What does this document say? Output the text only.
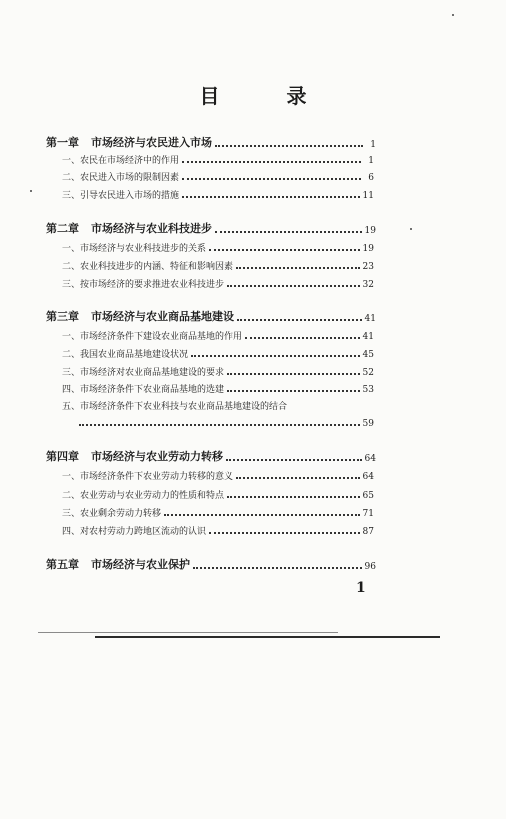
目 录
第一章 市场经济与农民进入市场	1
一、农民在市场经济中的作用	1
二、农民进入市场的限制因素	6
三、引导农民进入市场的措施	11
第二章 市场经济与农业科技进步	19
一、市场经济与农业科技进步的关系	19
二、农业科技进步的内涵、特征和影响因素	23
三、按市场经济的要求推进农业科技进步	32
第三章 市场经济与农业商品基地建设	41
一、市场经济条件下建设农业商品基地的作用	41
二、我国农业商品基地建设状况	45
三、市场经济对农业商品基地建设的要求	52
四、市场经济条件下农业商品基地的选建	53
五、市场经济条件下农业科技与农业商品基地建设的结合
59
第四章 市场经济与农业劳动力转移	64
一、市场经济条件下农业劳动力转移的意义	64
二、农业劳动与农业劳动力的性质和特点	65
三、农业剩余劳动力转移	71
四、对农村劳动力跨地区流动的认识	87
第五章 市场经济与农业保护	96
1
